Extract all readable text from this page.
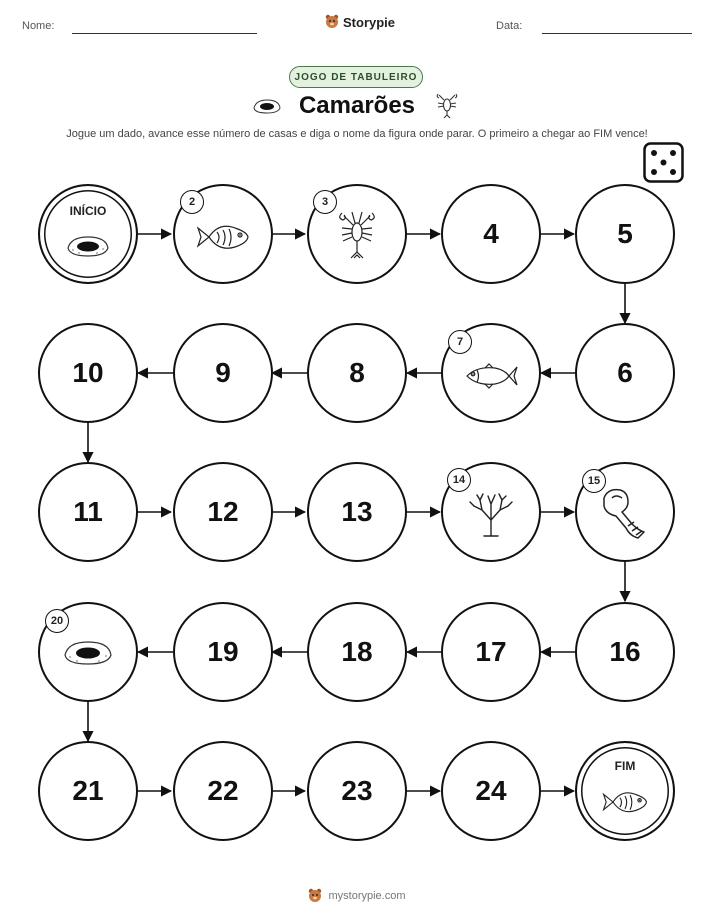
Nome:	Storypie	Data:
JOGO DE TABULEIRO
Camarões
Jogue um dado, avance esse número de casas e diga o nome da figura onde parar. O primeiro a chegar ao FIM vence!
INÍCIO
2	3
4	5
10	9	8
7
6
11	12	13
14	15
20
19	18	17	16
21	22	23	24
FIM
mystorypie.com
